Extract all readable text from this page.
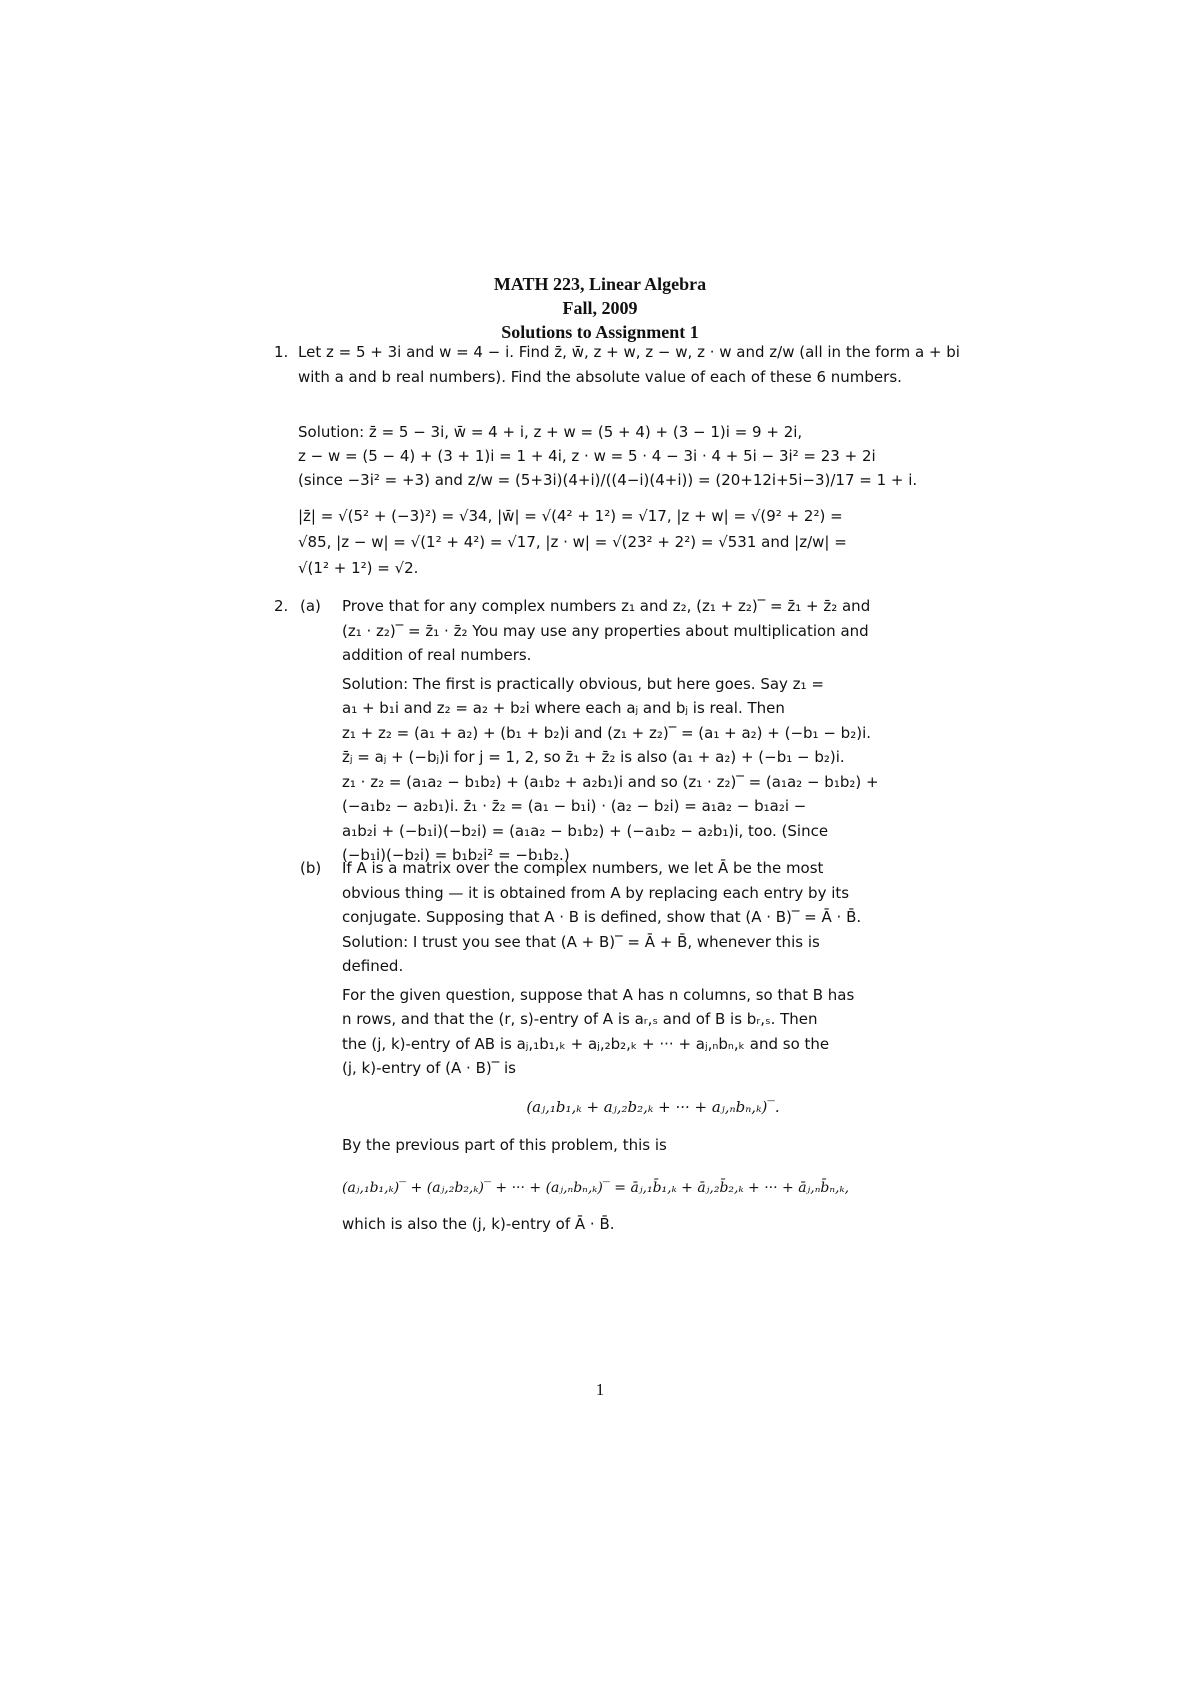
MATH 223, Linear Algebra
Fall, 2009
Solutions to Assignment 1
1. Let z = 5 + 3i and w = 4 − i. Find z̄, w̄, z + w, z − w, z · w and z/w (all in the form a + bi with a and b real numbers). Find the absolute value of each of these 6 numbers.
Solution: z̄ = 5 − 3i, w̄ = 4 + i, z + w = (5 + 4) + (3 − 1)i = 9 + 2i,
z − w = (5 − 4) + (3 + 1)i = 1 + 4i, z · w = 5 · 4 − 3i · 4 + 5i − 3i² = 23 + 2i
(since −3i² = +3) and z/w = (5+3i)(4+i)/((4−i)(4+i)) = (20+12i+5i−3)/17 = 1 + i.
|z̄| = √(5² + (−3)²) = √34, |w̄| = √(4² + 1²) = √17, |z + w| = √(9² + 2²) =
√85, |z − w| = √(1² + 4²) = √17, |z · w| = √(23² + 2²) = √531 and |z/w| =
√(1² + 1²) = √2.
2. (a) Prove that for any complex numbers z₁ and z₂, (z₁ + z₂)‾ = z̄₁ + z̄₂ and
(z₁ · z₂)‾ = z̄₁ · z̄₂ You may use any properties about multiplication and
addition of real numbers.
Solution: The first is practically obvious, but here goes. Say z₁ =
a₁ + b₁i and z₂ = a₂ + b₂i where each aⱼ and bⱼ is real. Then
z₁ + z₂ = (a₁ + a₂) + (b₁ + b₂)i and (z₁ + z₂)‾ = (a₁ + a₂) + (−b₁ − b₂)i.
z̄ⱼ = aⱼ + (−bⱼ)i for j = 1, 2, so z̄₁ + z̄₂ is also (a₁ + a₂) + (−b₁ − b₂)i.
z₁ · z₂ = (a₁a₂ − b₁b₂) + (a₁b₂ + a₂b₁)i and so (z₁ · z₂)‾ = (a₁a₂ − b₁b₂) +
(−a₁b₂ − a₂b₁)i. z̄₁ · z̄₂ = (a₁ − b₁i) · (a₂ − b₂i) = a₁a₂ − b₁a₂i −
a₁b₂i + (−b₁i)(−b₂i) = (a₁a₂ − b₁b₂) + (−a₁b₂ − a₂b₁)i, too. (Since
(−b₁i)(−b₂i) = b₁b₂i² = −b₁b₂.)
(b) If A is a matrix over the complex numbers, we let Ā be the most
obvious thing — it is obtained from A by replacing each entry by its
conjugate. Supposing that A · B is defined, show that (A · B)‾ = Ā · B̄.
Solution: I trust you see that (A + B)‾ = Ā + B̄, whenever this is
defined.
For the given question, suppose that A has n columns, so that B has
n rows, and that the (r, s)-entry of A is aᵣ,ₛ and of B is bᵣ,ₛ. Then
the (j, k)-entry of AB is aⱼ,₁b₁,ₖ + aⱼ,₂b₂,ₖ + ··· + aⱼ,ₙbₙ,ₖ and so the
(j, k)-entry of (A · B)‾ is
(aⱼ,₁b₁,ₖ + aⱼ,₂b₂,ₖ + ··· + aⱼ,ₙbₙ,ₖ)‾.
By the previous part of this problem, this is
(aⱼ,₁b₁,ₖ)‾ + (aⱼ,₂b₂,ₖ)‾ + ··· + (aⱼ,ₙbₙ,ₖ)‾ = āⱼ,₁b̄₁,ₖ + āⱼ,₂b̄₂,ₖ + ··· + āⱼ,ₙb̄ₙ,ₖ,
which is also the (j, k)-entry of Ā · B̄.
1
